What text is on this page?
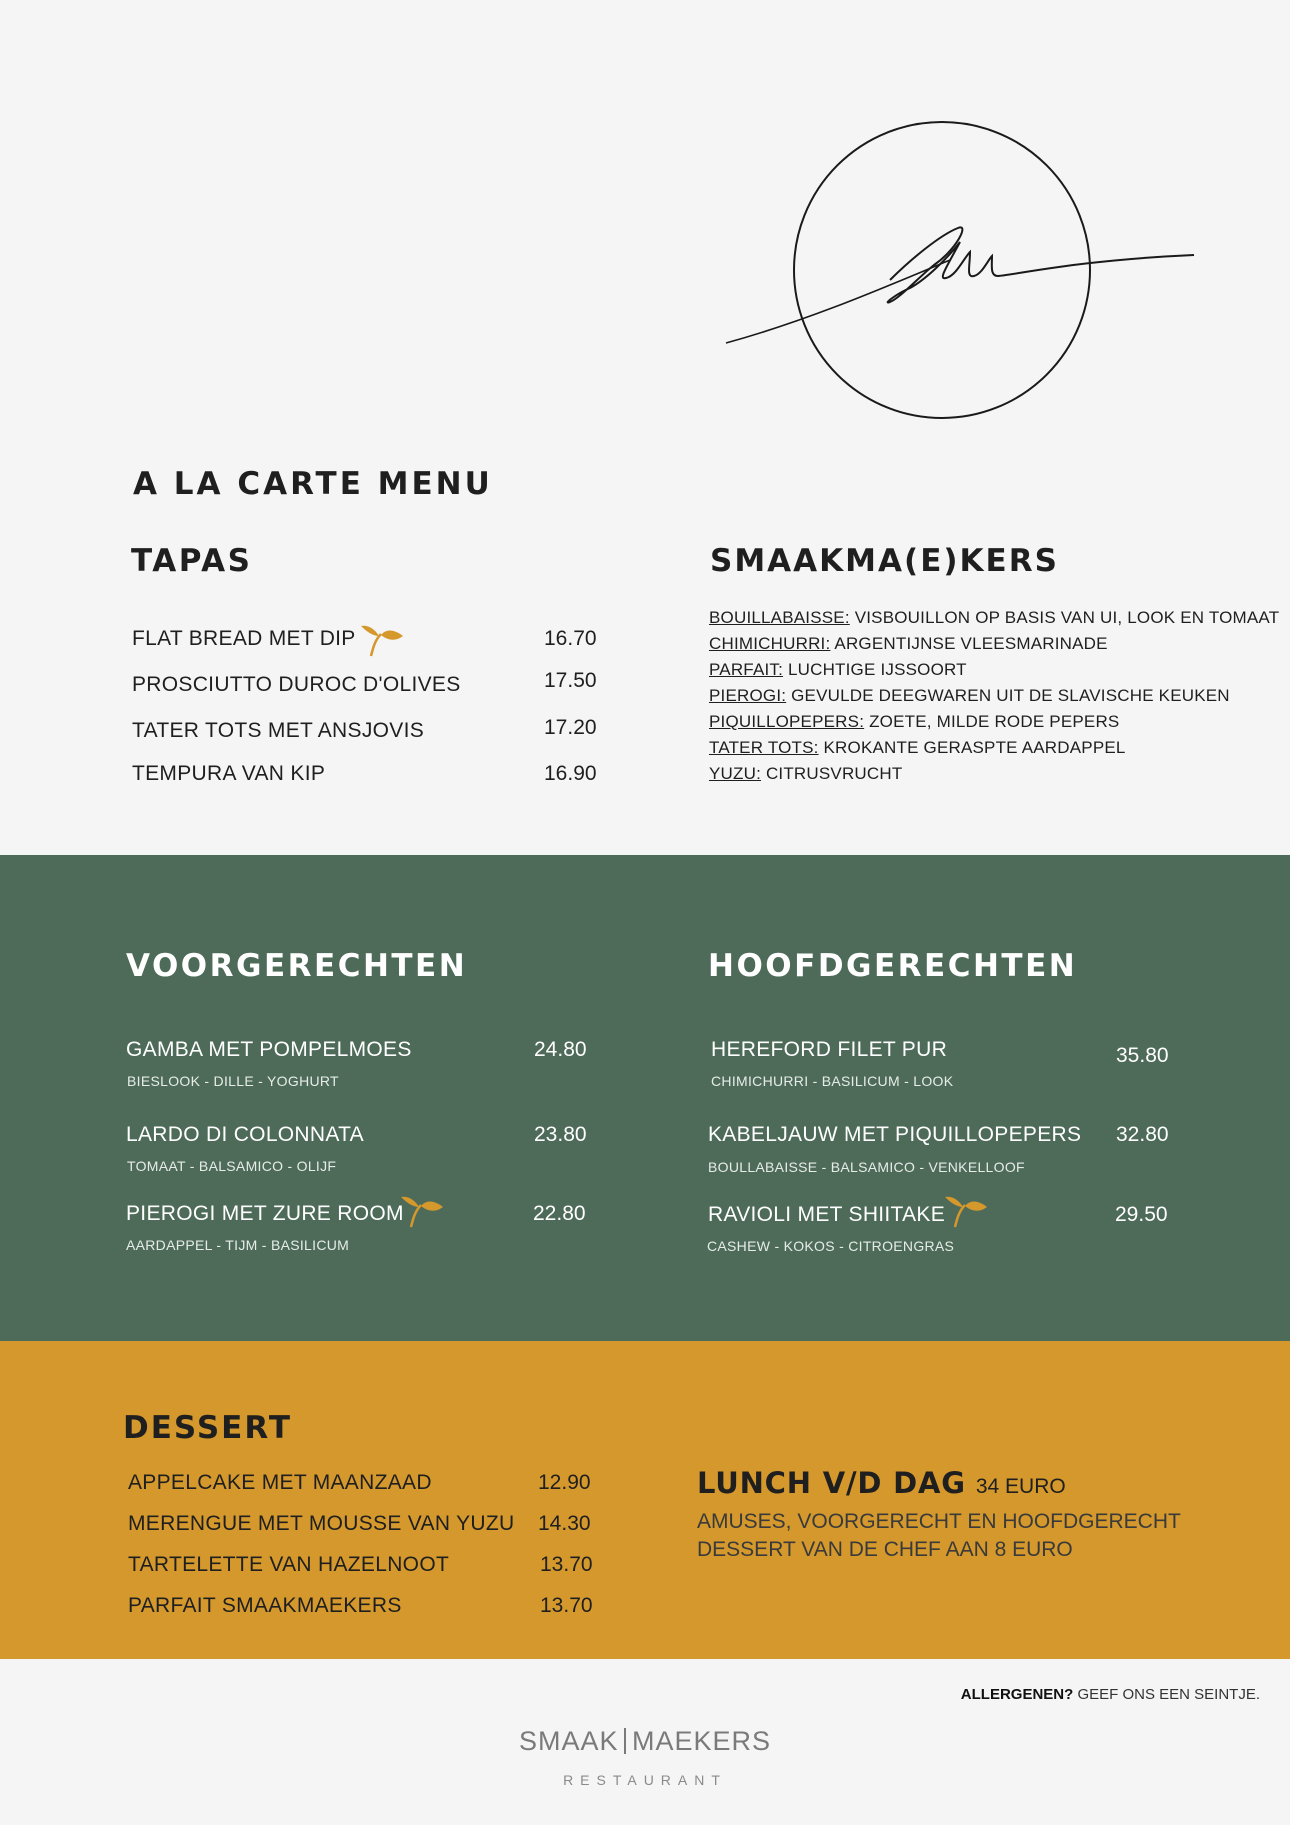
A LA CARTE MENU
TAPAS
FLAT BREAD MET DIP	16.70
PROSCIUTTO DUROC D'OLIVES	17.50
TATER TOTS MET ANSJOVIS	17.20
TEMPURA VAN KIP	16.90
SMAAKMA(E)KERS
BOUILLABAISSE: VISBOUILLON OP BASIS VAN UI, LOOK EN TOMAAT
CHIMICHURRI: ARGENTIJNSE VLEESMARINADE
PARFAIT: LUCHTIGE IJSSOORT
PIEROGI: GEVULDE DEEGWAREN UIT DE SLAVISCHE KEUKEN
PIQUILLOPEPERS: ZOETE, MILDE RODE PEPERS
TATER TOTS: KROKANTE GERASPTE AARDAPPEL
YUZU: CITRUSVRUCHT
VOORGERECHTEN
GAMBA MET POMPELMOES	24.80
BIESLOOK - DILLE - YOGHURT
LARDO DI COLONNATA	23.80
TOMAAT - BALSAMICO - OLIJF
PIEROGI MET ZURE ROOM	22.80
AARDAPPEL - TIJM - BASILICUM
HOOFDGERECHTEN
HEREFORD FILET PUR	35.80
CHIMICHURRI - BASILICUM - LOOK
KABELJAUW MET PIQUILLOPEPERS 32.80
BOULLABAISSE - BALSAMICO - VENKELLOOF
RAVIOLI MET SHIITAKE	29.50
CASHEW - KOKOS - CITROENGRAS
DESSERT
APPELCAKE MET MAANZAAD	12.90
MERENGUE MET MOUSSE VAN YUZU 14.30
TARTELETTE VAN HAZELNOOT	13.70
PARFAIT SMAAKMAEKERS	13.70
LUNCH V/D DAG 34 EURO
AMUSES, VOORGERECHT EN HOOFDGERECHT
DESSERT VAN DE CHEF AAN 8 EURO
ALLERGENEN? GEEF ONS EEN SEINTJE.
SMAAK MAEKERS
RESTAURANT
